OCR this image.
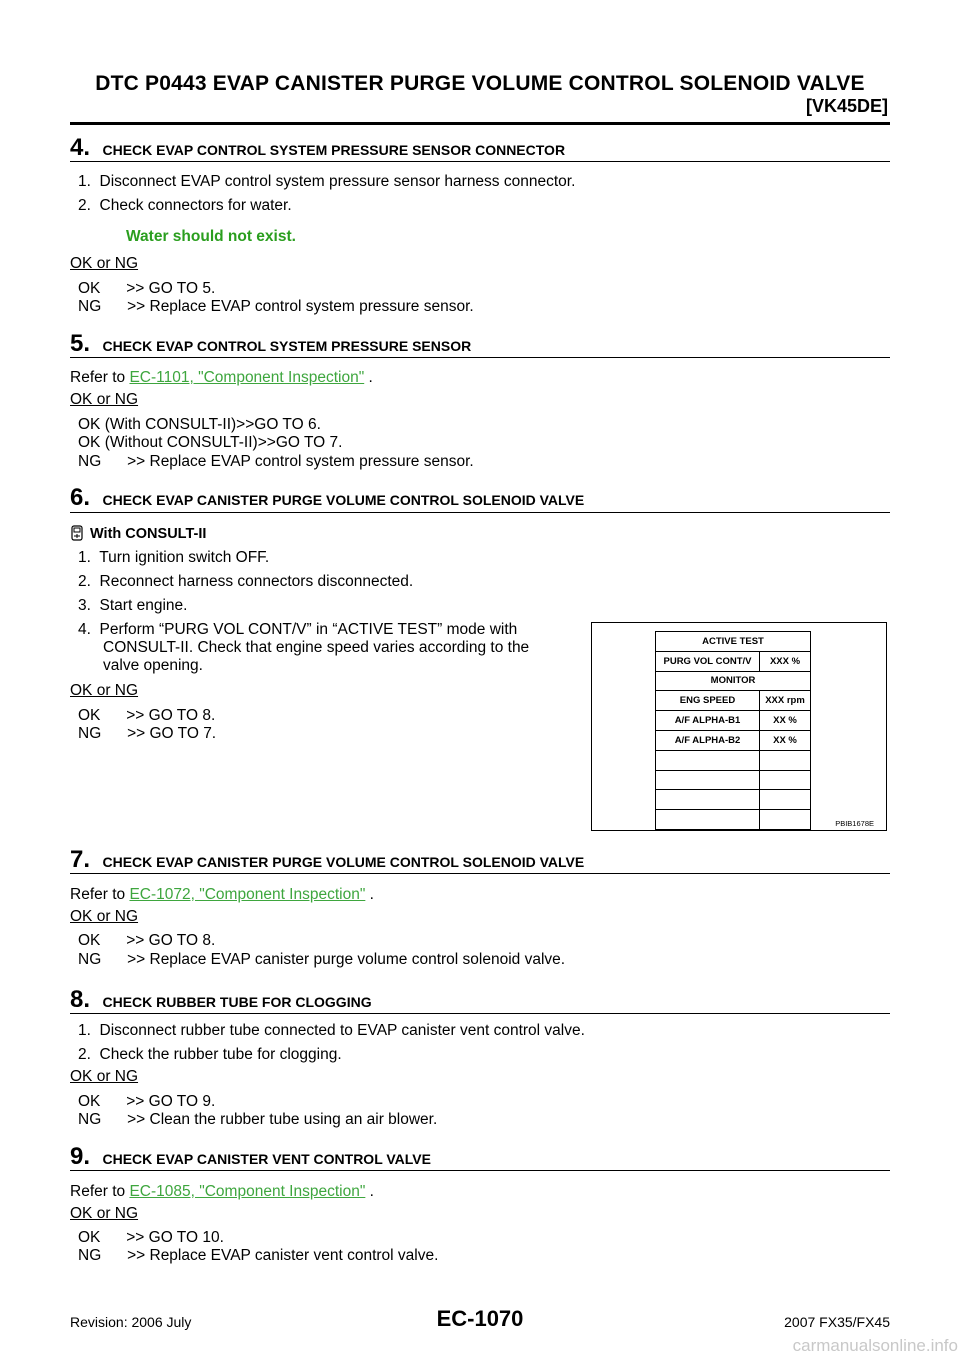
DTC P0443 EVAP CANISTER PURGE VOLUME CONTROL SOLENOID VALVE
[VK45DE]
4. CHECK EVAP CONTROL SYSTEM PRESSURE SENSOR CONNECTOR
1.  Disconnect EVAP control system pressure sensor harness connector.
2.  Check connectors for water.
Water should not exist.
OK or NG
OK      >> GO TO 5.
NG      >> Replace EVAP control system pressure sensor.
5. CHECK EVAP CONTROL SYSTEM PRESSURE SENSOR
Refer to EC-1101, "Component Inspection" .
OK or NG
OK (With CONSULT-II)>>GO TO 6.
OK (Without CONSULT-II)>>GO TO 7.
NG      >> Replace EVAP control system pressure sensor.
6. CHECK EVAP CANISTER PURGE VOLUME CONTROL SOLENOID VALVE
With CONSULT-II
1.  Turn ignition switch OFF.
2.  Reconnect harness connectors disconnected.
3.  Start engine.
4.  Perform “PURG VOL CONT/V” in “ACTIVE TEST” mode with
CONSULT-II. Check that engine speed varies according to the
valve opening.
OK or NG
OK      >> GO TO 8.
NG      >> GO TO 7.
ACTIVE TEST	
PURG VOL CONT/V	XXX %
MONITOR	
ENG SPEED	XXX rpm
A/F ALPHA-B1	XX %
A/F ALPHA-B2	XX %

PBIB1678E
7. CHECK EVAP CANISTER PURGE VOLUME CONTROL SOLENOID VALVE
Refer to EC-1072, "Component Inspection" .
OK or NG
OK      >> GO TO 8.
NG      >> Replace EVAP canister purge volume control solenoid valve.
8. CHECK RUBBER TUBE FOR CLOGGING
1.  Disconnect rubber tube connected to EVAP canister vent control valve.
2.  Check the rubber tube for clogging.
OK or NG
OK      >> GO TO 9.
NG      >> Clean the rubber tube using an air blower.
9. CHECK EVAP CANISTER VENT CONTROL VALVE
Refer to EC-1085, "Component Inspection" .
OK or NG
OK      >> GO TO 10.
NG      >> Replace EVAP canister vent control valve.
Revision: 2006 July	EC-1070	2007 FX35/FX45
carmanualsonline.info
